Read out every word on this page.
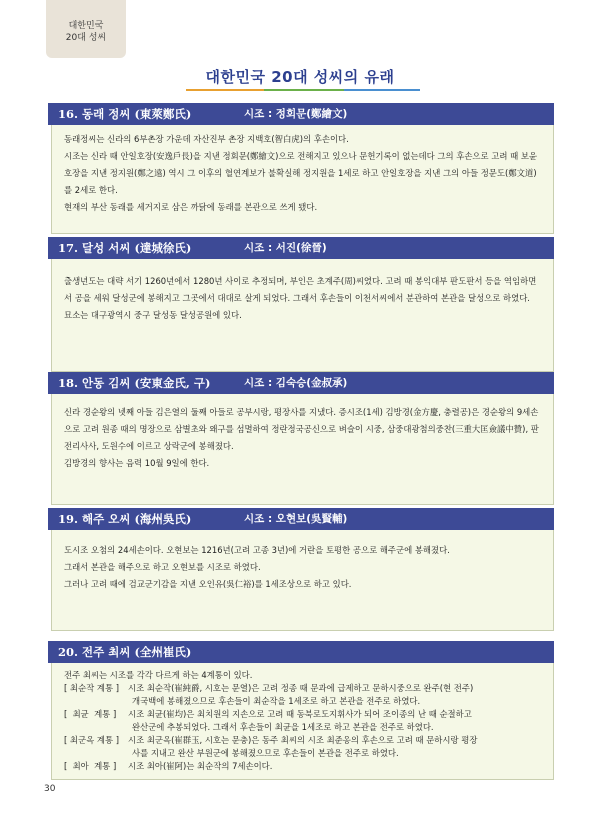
대한민국
20대 성씨
대한민국 20대 성씨의 유래
16. 동래 정씨 (東萊鄭氏)	시조 : 정회문(鄭繪文)

동래정씨는 신라의 6부촌장 가운데 자산진부 촌장 지백호(智白虎)의 후손이다.

시조는 신라 때 안일호장(安逸戶長)을 지낸 정회문(鄭繪文)으로 전해지고 있으나 문헌기록이 없는데다 그의 후손으로 고려 때 보윤호장을 지낸 정지원(鄭之遠) 역시 그 이후의 혈연계보가 불확실해 정지원을 1세로 하고 안일호장을 지낸 그의 아들 정문도(鄭文道)를 2세로 한다.

현재의 부산 동래를 세거지로 삼은 까닭에 동래를 본관으로 쓰게 됐다.

17. 달성 서씨 (達城徐氏)	시조 : 서진(徐晉)

출생년도는 대략 서기 1260년에서 1280년 사이로 추정되며, 부인은 초계주(周)씨였다. 고려 때 봉익대부 판도판서 등을 역임하면서 공을 세워 달성군에 봉해지고 그곳에서 대대로 살게 되었다. 그래서 후손들이 이천서씨에서 분관하여 본관을 달성으로 하였다.

묘소는 대구광역시 중구 달성동 달성공원에 있다.

18. 안동 김씨 (安東金氏, 구)	시조 : 김숙승(金叔承)

신라 경순왕의 넷째 아들 김은열의 둘째 아들로 공부시랑, 평장사를 지냈다. 증시조(1세) 김방경(金方慶, 충렬공)은 경순왕의 9세손으로 고려 원종 때의 명장으로 삼별초와 왜구를 섬멸하여 정란정국공신으로 벼슬이 시중, 삼중대광첨의중찬(三重大匡僉議中贊), 판전리사사, 도원수에 이르고 상락군에 봉해졌다.

김방경의 향사는 음력 10월 9일에 한다.

19. 해주 오씨 (海州吳氏)	시조 : 오현보(吳賢輔)

도시조 오첨의 24세손이다. 오현보는 1216년(고려 고종 3년)에 거란을 토평한 공으로 해주군에 봉해졌다.

그래서 본관을 해주으로 하고 오현보를 시조로 하였다.

그러나 고려 때에 검교군기감을 지낸 오인유(吳仁裕)를 1세조상으로 하고 있다.

20. 전주 최씨 (全州崔氏)

전주 최씨는 시조를 각각 다르게 하는 4계통이 있다.

[ 최순작 계통 ]	시조 최순작(崔純爵, 시호는 문열)은 고려 정종 때 문과에 급제하고 문하시중으로 완주(현 전주)
개국백에 봉해졌으므로 후손들이 최순작을 1세조로 하고 본관을 전주로 하였다.
[  최균  계통 ]	시조 최균(崔均)은 최치원의 지손으로 고려 때 동북로도지휘사가 되어 조이종의 난 때 순절하고
완산군에 추봉되었다. 그래서 후손들이 최균을 1세조로 하고 본관을 전주로 하였다.
[ 최군옥 계통 ]	시조 최군옥(崔群玉, 시호는 문충)은 동주 최씨의 시조 최준옹의 후손으로 고려 때 문하시랑 평장
사를 지내고 완산 부원군에 봉해졌으므로 후손들이 본관을 전주로 하였다.
[  최아  계통 ]	시조 최아(崔阿)는 최순작의 7세손이다.
30
